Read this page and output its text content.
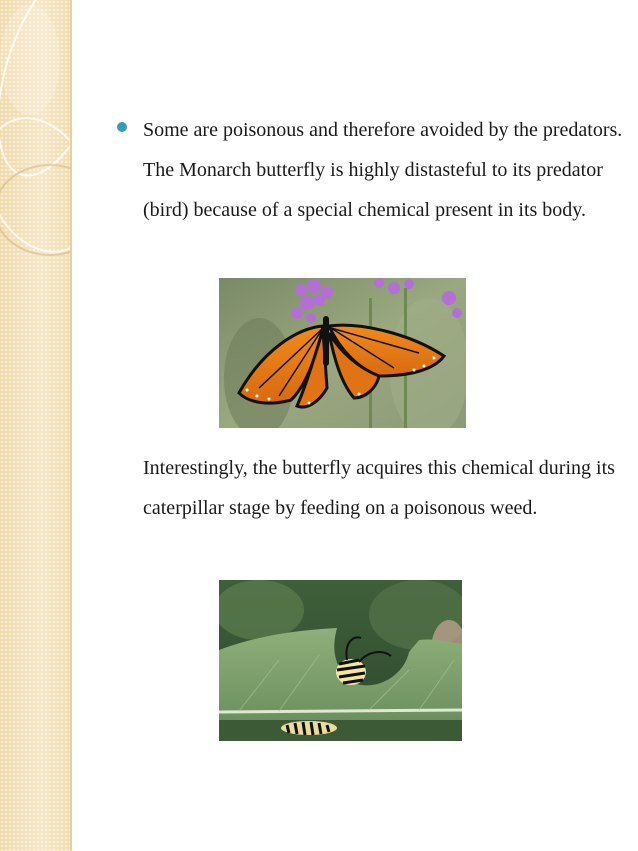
Some are poisonous and therefore avoided by the predators. The Monarch butterfly is highly distasteful to its predator (bird) because of a special chemical present in its body.
Interestingly, the butterfly acquires this chemical during its caterpillar stage by feeding on a poisonous weed.
